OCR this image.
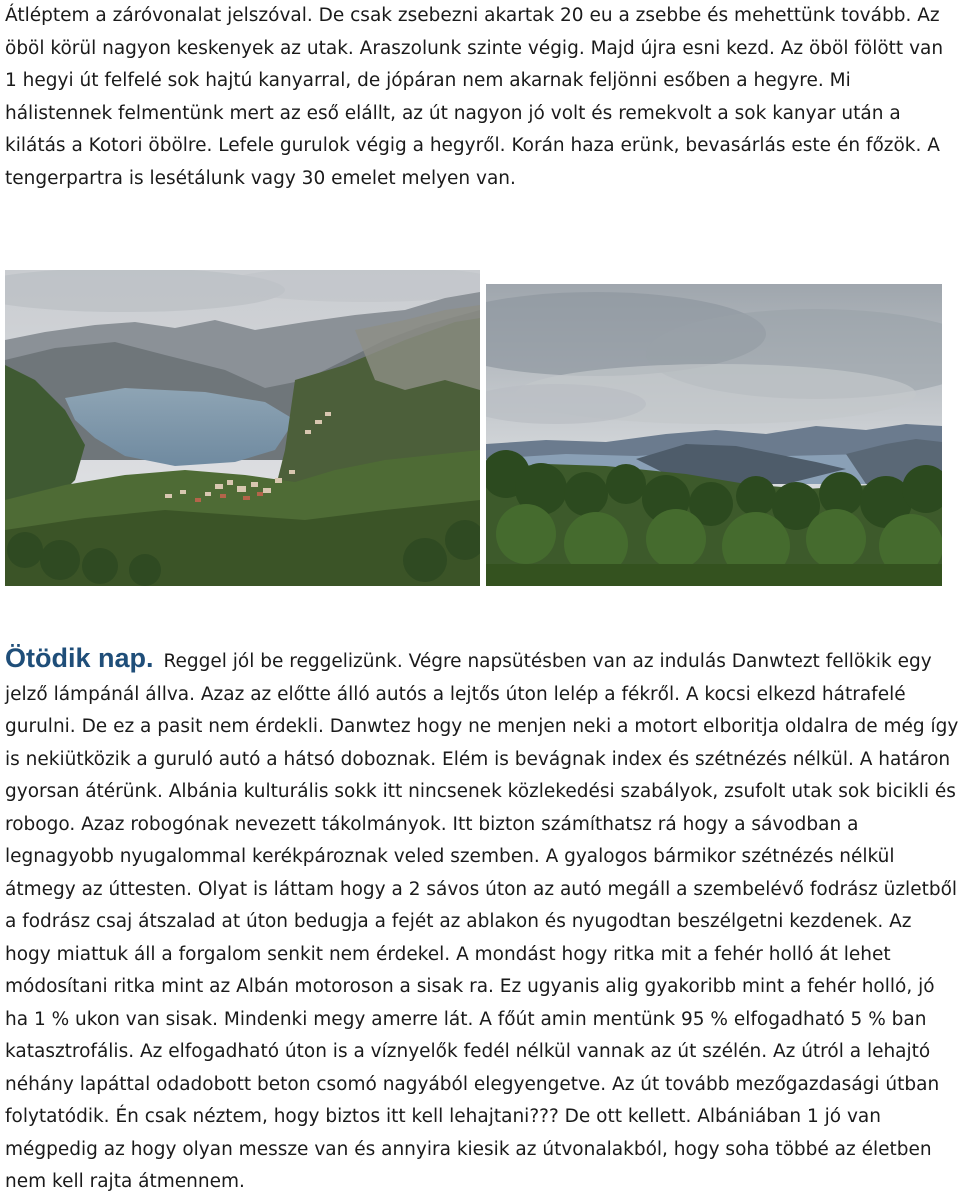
Átléptem a záróvonalat jelszóval. De csak zsebezni akartak 20 eu a zsebbe és mehettünk tovább. Az öböl körül nagyon keskenyek az utak. Araszolunk szinte végig. Majd újra esni kezd. Az öböl fölött van 1 hegyi út felfelé sok hajtú kanyarral, de jópáran nem akarnak feljönni esőben a hegyre. Mi hálistennek felmentünk mert az eső elállt, az út nagyon jó volt és remekvolt a sok kanyar után a kilátás a Kotori öbölre. Lefele gurulok végig a hegyről. Korán haza erünk, bevasárlás este én főzök. A tengerpartra is lesétálunk vagy 30 emelet melyen van.
Ötödik nap. Reggel jól be reggelizünk. Végre napsütésben van az indulás Danwtezt fellökik egy jelző lámpánál állva. Azaz az előtte álló autós a lejtős úton lelép a fékről. A kocsi elkezd hátrafelé gurulni. De ez a pasit nem érdekli. Danwtez hogy ne menjen neki a motort elboritja oldalra de még így is nekiütközik a guruló autó a hátsó doboznak. Elém is bevágnak index és szétnézés nélkül. A határon gyorsan átérünk. Albánia kulturális sokk itt nincsenek közlekedési szabályok, zsufolt utak sok bicikli és robogo. Azaz robogónak nevezett tákolmányok. Itt bizton számíthatsz rá hogy a sávodban a legnagyobb nyugalommal kerékpároznak veled szemben. A gyalogos bármikor szétnézés nélkül átmegy az úttesten. Olyat is láttam hogy a 2 sávos úton az autó megáll a szembelévő fodrász üzletből a fodrász csaj átszalad at úton bedugja a fejét az ablakon és nyugodtan beszélgetni kezdenek. Az hogy miattuk áll a forgalom senkit nem érdekel. A mondást hogy ritka mit a fehér holló át lehet módosítani ritka mint az Albán motoroson a sisak ra. Ez ugyanis alig gyakoribb mint a fehér holló, jó ha 1 % ukon van sisak. Mindenki megy amerre lát. A főút amin mentünk 95 % elfogadható 5 % ban katasztrofális. Az elfogadható úton is a víznyelők fedél nélkül vannak az út szélén. Az útról a lehajtó néhány lapáttal odadobott beton csomó nagyából elegyengetve. Az út tovább mezőgazdasági útban folytatódik. Én csak néztem, hogy biztos itt kell lehajtani??? De ott kellett. Albániában 1 jó van mégpedig az hogy olyan messze van és annyira kiesik az útvonalakból, hogy soha többé az életben nem kell rajta átmennem.
